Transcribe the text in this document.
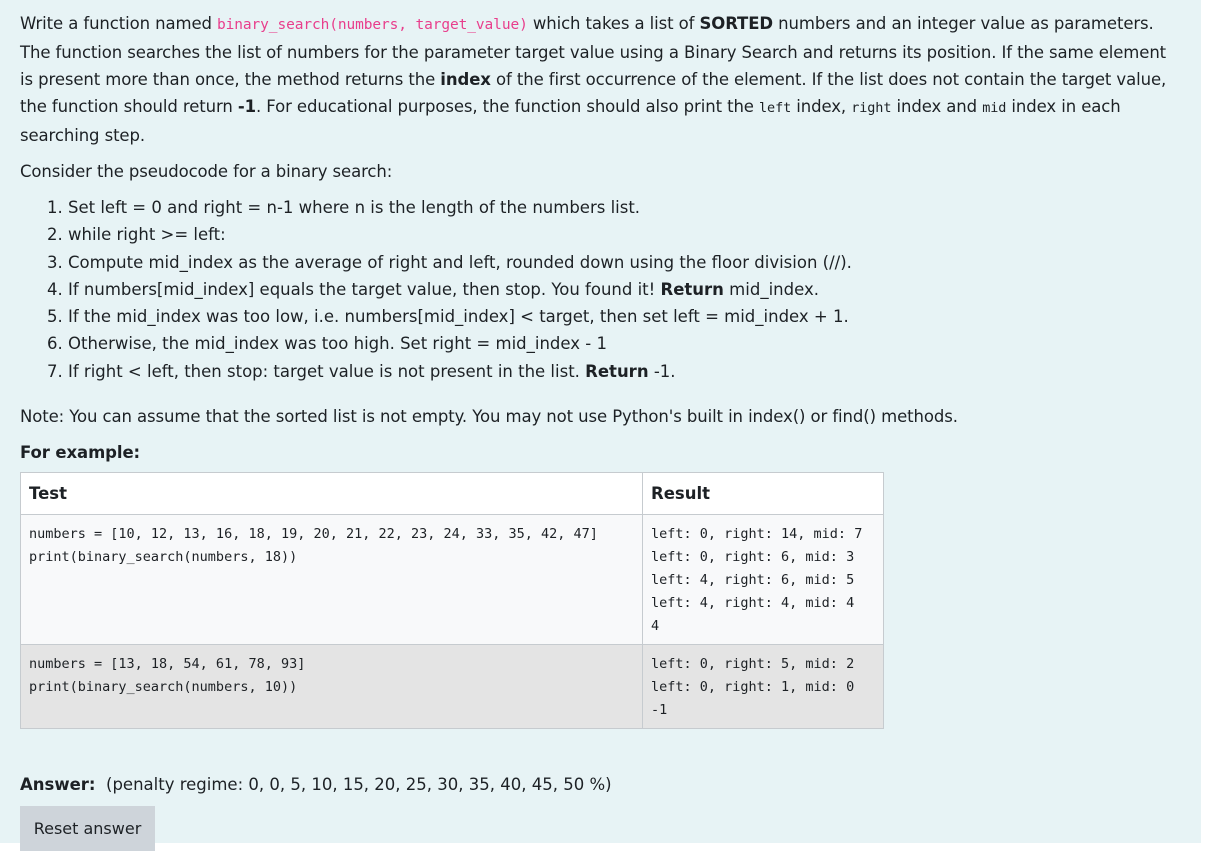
Write a function named binary_search(numbers, target_value) which takes a list of SORTED numbers and an integer value as parameters. The function searches the list of numbers for the parameter target value using a Binary Search and returns its position. If the same element is present more than once, the method returns the index of the first occurrence of the element. If the list does not contain the target value, the function should return -1. For educational purposes, the function should also print the left index, right index and mid index in each searching step.

Consider the pseudocode for a binary search:

1. Set left = 0 and right = n-1 where n is the length of the numbers list.
2. while right >= left:
3. Compute mid_index as the average of right and left, rounded down using the floor division (//).
4. If numbers[mid_index] equals the target value, then stop. You found it! Return mid_index.
5. If the mid_index was too low, i.e. numbers[mid_index] < target, then set left = mid_index + 1.
6. Otherwise, the mid_index was too high. Set right = mid_index - 1
7. If right < left, then stop: target value is not present in the list. Return -1.

Note: You can assume that the sorted list is not empty. You may not use Python's built in index() or find() methods.

For example:

Test	Result
numbers = [10, 12, 13, 16, 18, 19, 20, 21, 22, 23, 24, 33, 35, 42, 47]
print(binary_search(numbers, 18))	left: 0, right: 14, mid: 7
left: 0, right: 6, mid: 3
left: 4, right: 6, mid: 5
left: 4, right: 4, mid: 4
4
numbers = [13, 18, 54, 61, 78, 93]
print(binary_search(numbers, 10))	left: 0, right: 5, mid: 2
left: 0, right: 1, mid: 0
-1
Answer: (penalty regime: 0, 0, 5, 10, 15, 20, 25, 30, 35, 40, 45, 50 %)
Reset answer
